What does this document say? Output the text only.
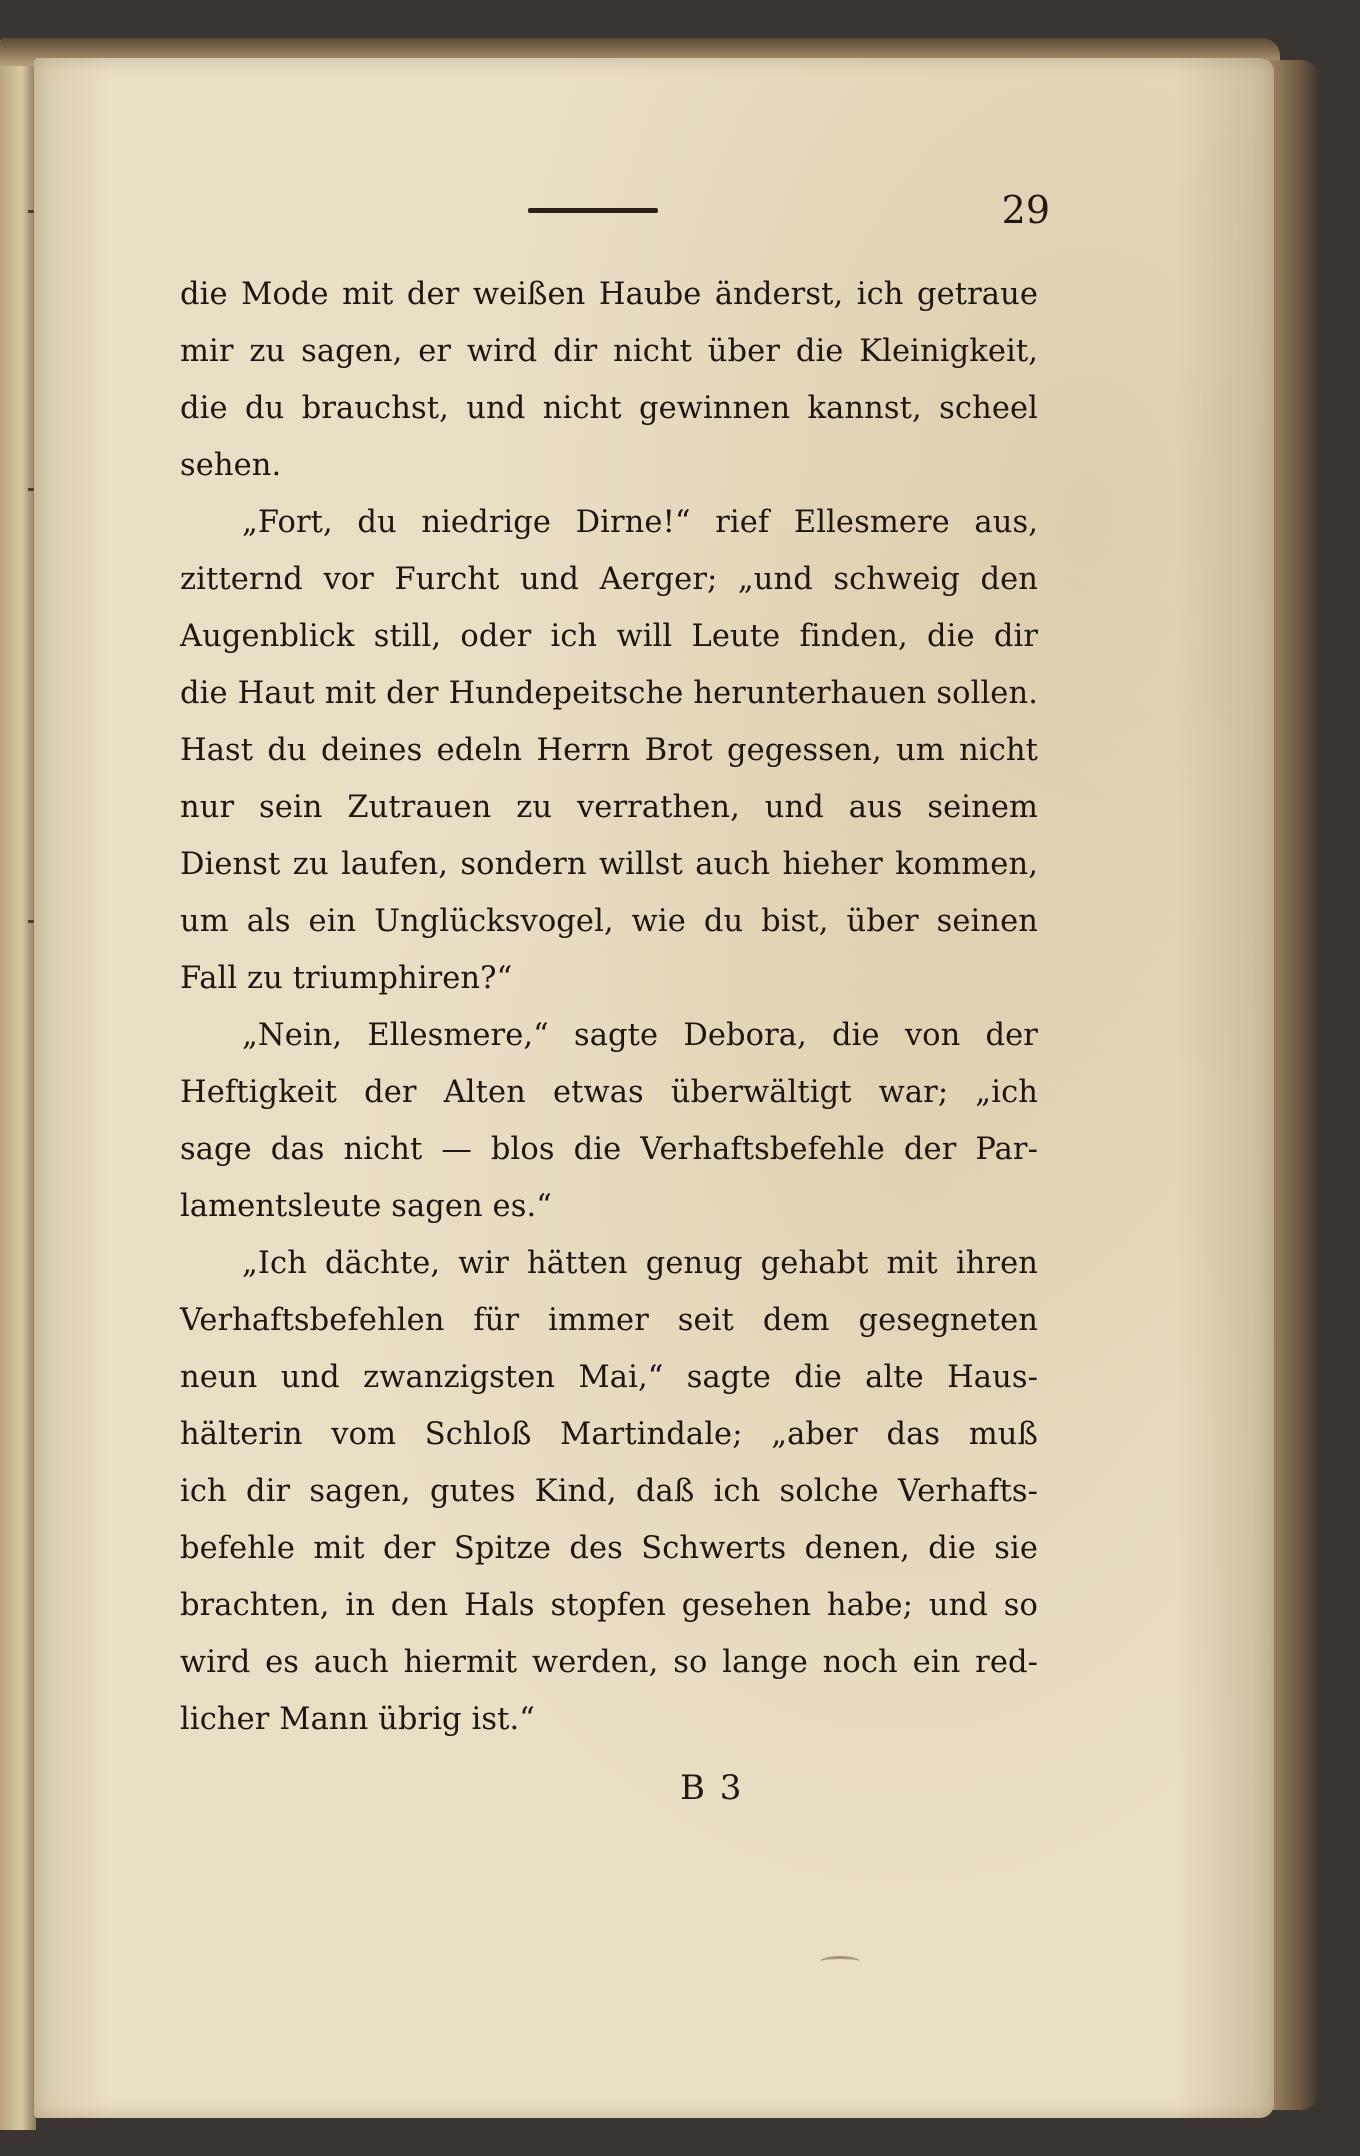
29
die Mode mit der weißen Haube änderst, ich getraue
mir zu sagen, er wird dir nicht über die Kleinigkeit,
die du brauchst, und nicht gewinnen kannst, scheel
sehen.
„Fort, du niedrige Dirne!“ rief Ellesmere aus,
zitternd vor Furcht und Aerger; „und schweig den
Augenblick still, oder ich will Leute finden, die dir
die Haut mit der Hundepeitsche herunterhauen sollen.
Hast du deines edeln Herrn Brot gegessen, um nicht
nur sein Zutrauen zu verrathen, und aus seinem
Dienst zu laufen, sondern willst auch hieher kommen,
um als ein Unglücksvogel, wie du bist, über seinen
Fall zu triumphiren?“
„Nein, Ellesmere,“ sagte Debora, die von der
Heftigkeit der Alten etwas überwältigt war; „ich
sage das nicht — blos die Verhaftsbefehle der Par-
lamentsleute sagen es.“
„Ich dächte, wir hätten genug gehabt mit ihren
Verhaftsbefehlen für immer seit dem gesegneten
neun und zwanzigsten Mai,“ sagte die alte Haus-
hälterin vom Schloß Martindale; „aber das muß
ich dir sagen, gutes Kind, daß ich solche Verhafts-
befehle mit der Spitze des Schwerts denen, die sie
brachten, in den Hals stopfen gesehen habe; und so
wird es auch hiermit werden, so lange noch ein red-
licher Mann übrig ist.“
B 3
